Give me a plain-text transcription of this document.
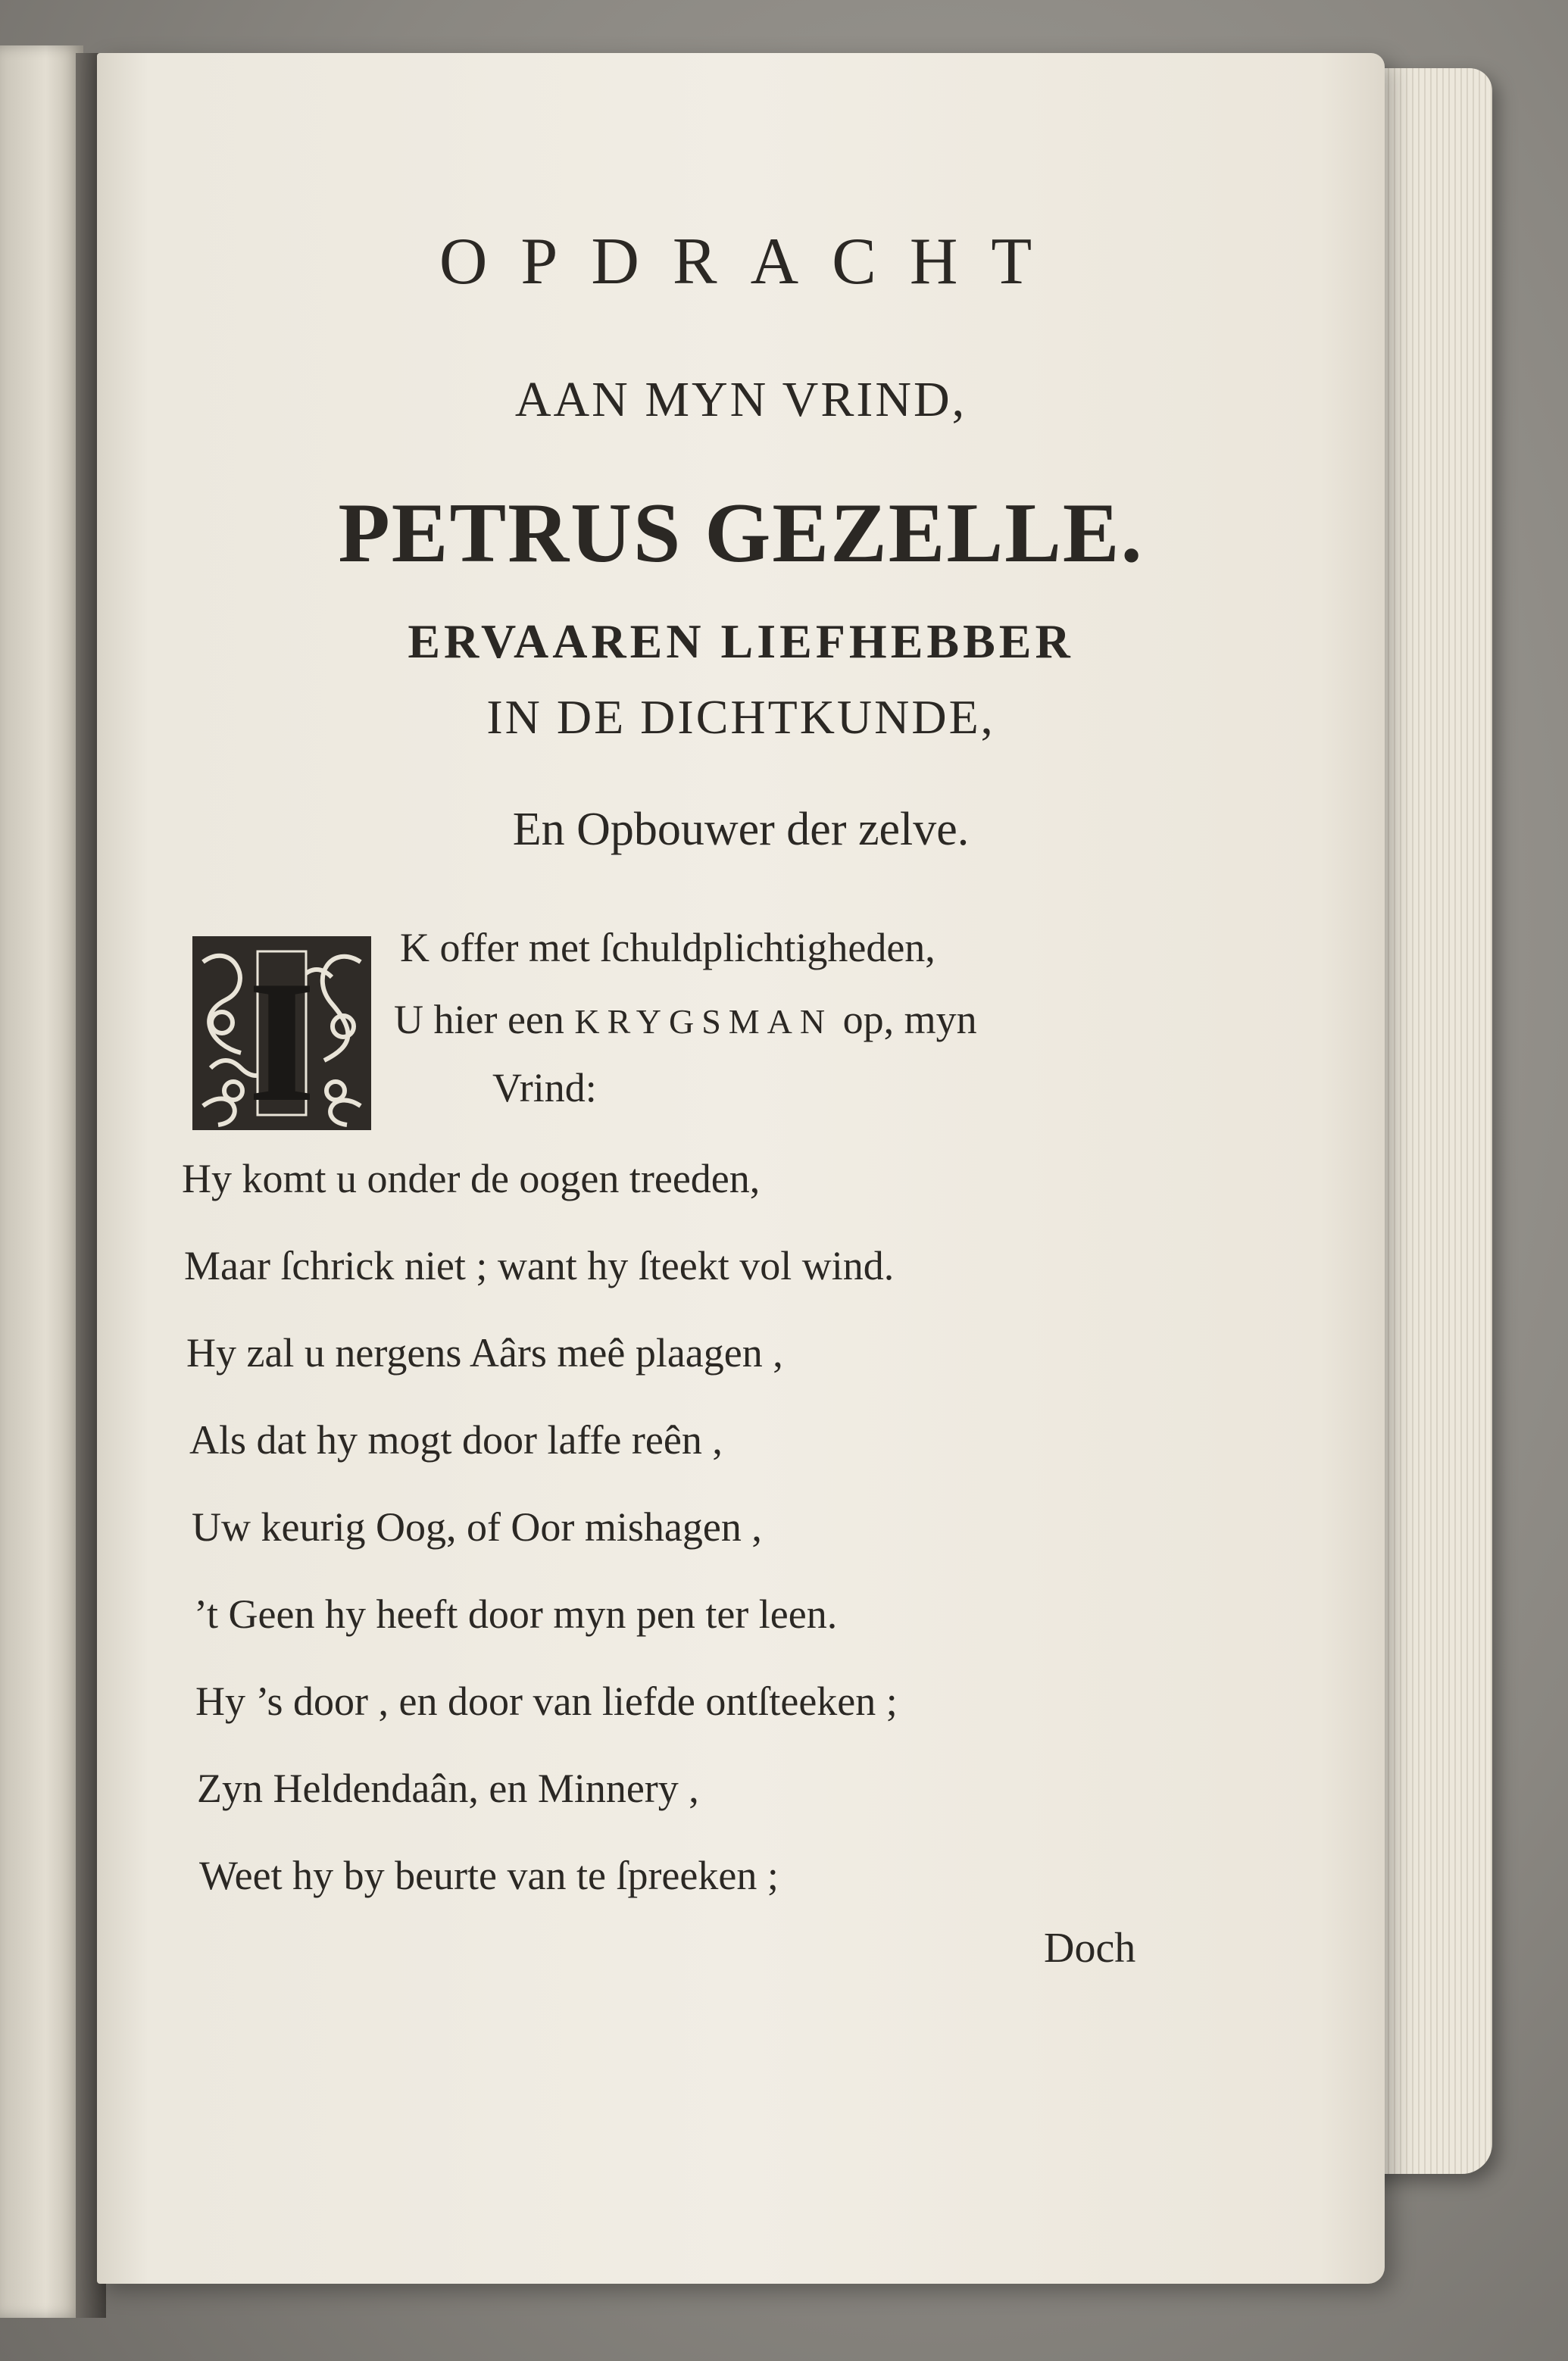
OPDRACHT
AAN MYN VRIND,
PETRUS GEZELLE.
ERVAAREN LIEFHEBBER
IN DE DICHTKUNDE,
En Opbouwer der zelve.
I K offer met ſchuldplichtigheden,
U hier een KRYGSMAN op, myn
Vrind:
Hy komt u onder de oogen treeden,
Maar ſchrick niet ; want hy ſteekt vol wind.
Hy zal u nergens Aârs meê plaagen ,
Als dat hy mogt door laffe reên ,
Uw keurig Oog, of Oor mishagen ,
’t Geen hy heeft door myn pen ter leen.
Hy ’s door , en door van liefde ontſteeken ;
Zyn Heldendaân, en Minnery ,
Weet hy by beurte van te ſpreeken ;
Doch
